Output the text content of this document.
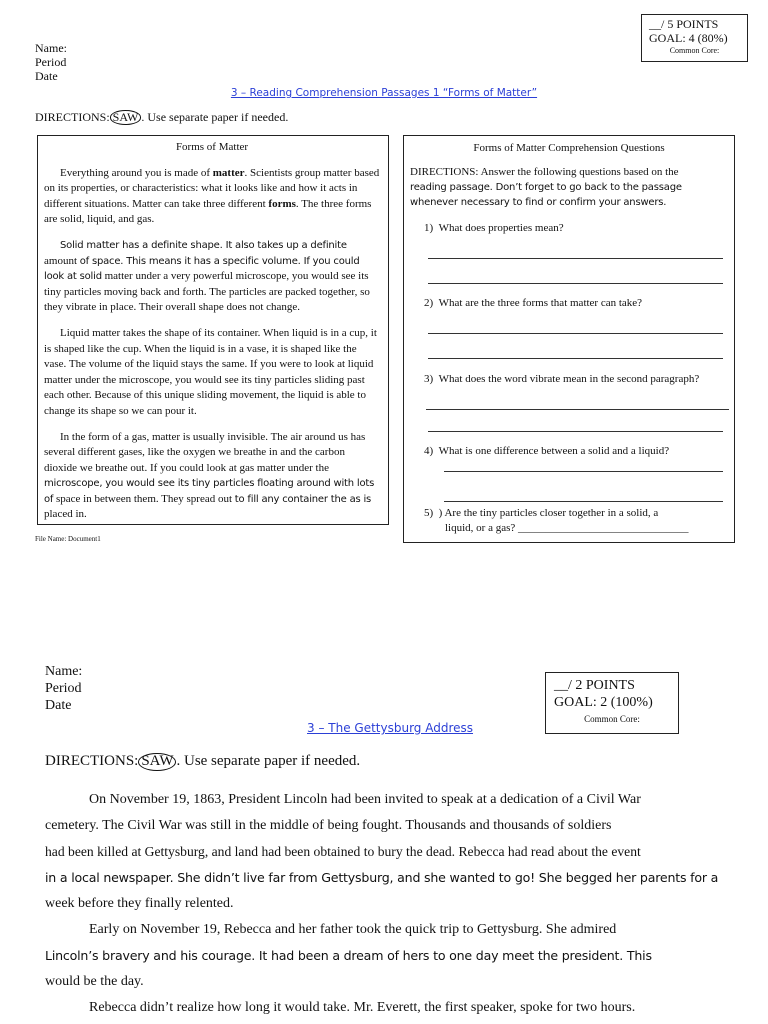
__/ 5 POINTS
GOAL: 4 (80%)
Common Core:
Name:
Period
Date
3 – Reading Comprehension Passages 1 “Forms of Matter”
DIRECTIONS: SAW . Use separate paper if needed.
Forms of Matter

Everything around you is made of matter. Scientists group matter based on its properties, or characteristics: what it looks like and how it acts in different situations. Matter can take three different forms. The three forms are solid, liquid, and gas.

Solid matter has a definite shape. It also takes up a definite amount of space. This means it has a specific volume. If you could look at solid matter under a very powerful microscope, you would see its tiny particles moving back and forth. The particles are packed together, so they vibrate in place. Their overall shape does not change.

Liquid matter takes the shape of its container. When liquid is in a cup, it is shaped like the cup. When the liquid is in a vase, it is shaped like the vase. The volume of the liquid stays the same. If you were to look at liquid matter under the microscope, you would see its tiny particles sliding past each other. Because of this unique sliding movement, the liquid is able to change its shape so we can pour it.

In the form of a gas, matter is usually invisible. The air around us has several different gases, like the oxygen we breathe in and the carbon dioxide we breathe out. If you could look at gas matter under the microscope, you would see its tiny particles floating around with lots of space in between them. They spread out to fill any container the as is placed in.

Forms of Matter Comprehension Questions
DIRECTIONS: Answer the following questions based on the
reading passage. Don’t forget to go back to the passage whenever necessary to find or confirm your answers.
1) What does properties mean?
2) What are the three forms that matter can take?
3) What does the word vibrate mean in the second paragraph?
4) What is one difference between a solid and a liquid?
5) ) Are the tiny particles closer together in a solid, a
liquid, or a gas? _______________________________
File Name: Document1
Name:
Period
Date
__/ 2 POINTS
GOAL: 2 (100%)
Common Core:
3 – The Gettysburg Address
DIRECTIONS: SAW . Use separate paper if needed.

On November 19, 1863, President Lincoln had been invited to speak at a dedication of a Civil War

cemetery. The Civil War was still in the middle of being fought. Thousands and thousands of soldiers

had been killed at Gettysburg, and land had been obtained to bury the dead. Rebecca had read about the event

in a local newspaper. She didn’t live far from Gettysburg, and she wanted to go! She begged her parents for a

week before they finally relented.

Early on November 19, Rebecca and her father took the quick trip to Gettysburg. She admired

Lincoln’s bravery and his courage. It had been a dream of hers to one day meet the president. This

would be the day.

Rebecca didn’t realize how long it would take. Mr. Everett, the first speaker, spoke for two hours.
